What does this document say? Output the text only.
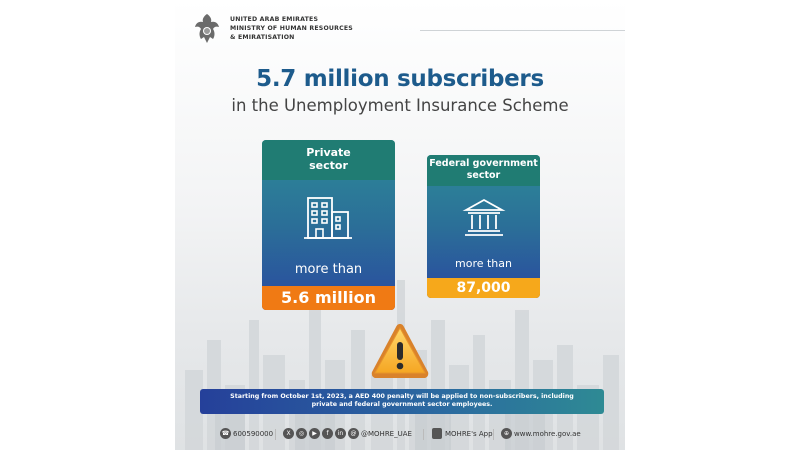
UNITED ARAB EMIRATES
MINISTRY OF HUMAN RESOURCES
& EMIRATISATION
5.7 million subscribers
in the Unemployment Insurance Scheme
Private
sector
more than
5.6 million
Federal government
sector
more than
87,000
Starting from October 1st, 2023, a AED 400 penalty will be applied to non-subscribers, including
private and federal government sector employees.
☎ 600590000	X	◎	▶	f	in	@ @MOHRE_UAE	MOHRE's App	⊕ www.mohre.gov.ae
